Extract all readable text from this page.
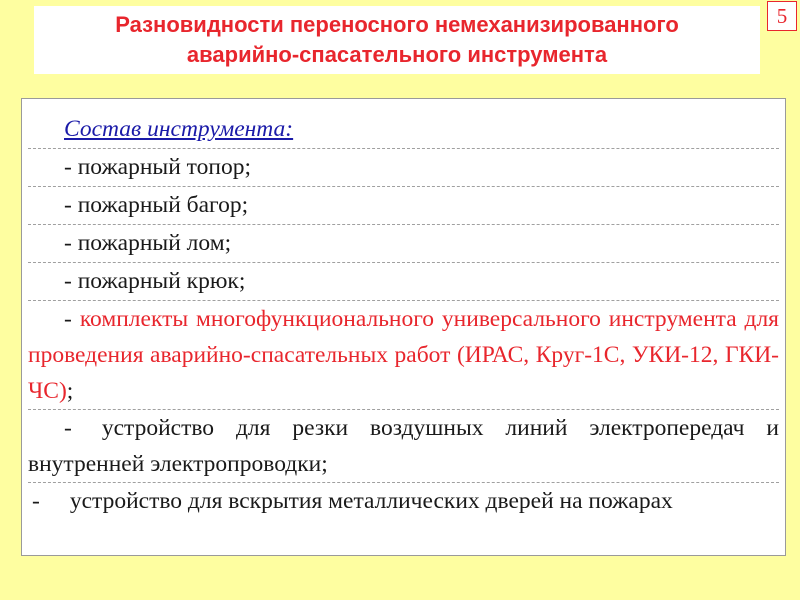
Разновидности переносного немеханизированного
аварийно-спасательного инструмента
5
Состав инструмента:
- пожарный топор;
- пожарный багор;
- пожарный лом;
- пожарный крюк;
- комплекты многофункционального универсального инструмента для проведения аварийно-спасательных работ (ИРАС, Круг-1С, УКИ-12, ГКИ-ЧС);
- устройство для резки воздушных линий электропередач и внутренней электропроводки;
- устройство для вскрытия металлических дверей на пожарах
